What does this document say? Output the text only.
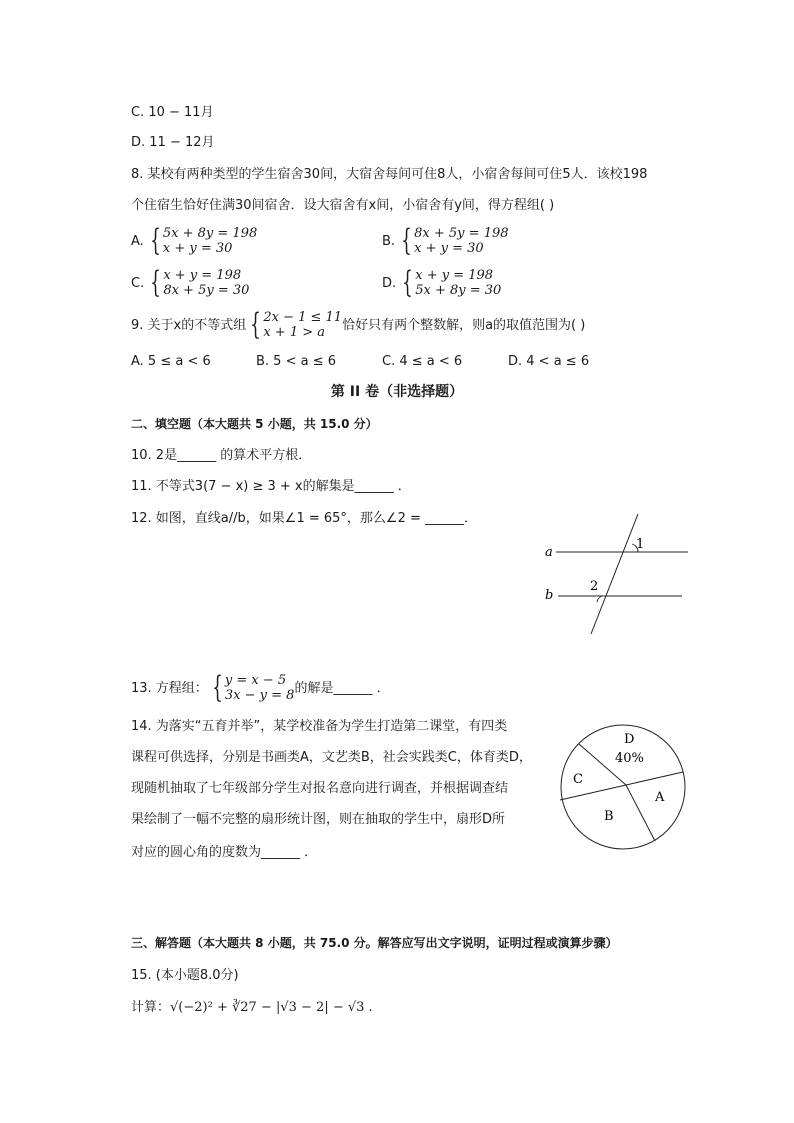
C. 10 − 11月
D. 11 − 12月
8. 某校有两种类型的学生宿舍30间，大宿舍每间可住8人，小宿舍每间可住5人．该校198
个住宿生恰好住满30间宿舍．设大宿舍有x间，小宿舍有y间，得方程组( )
A. { 5x + 8y = 198
x + y = 30	B. { 8x + 5y = 198
x + y = 30
C. { x + y = 198
8x + 5y = 30	D. { x + y = 198
5x + 8y = 30
9. 关于x的不等式组 { 2x − 1 ≤ 11
x + 1 > a	恰好只有两个整数解，则a的取值范围为( )
A. 5 ≤ a < 6	B. 5 < a ≤ 6	C. 4 ≤ a < 6	D. 4 < a ≤ 6
第 II 卷（非选择题）
二、填空题（本大题共 5 小题，共 15.0 分）
10. 2是______ 的算术平方根．
11. 不等式3(7 − x) ≥ 3 + x的解集是______ ．
12. 如图，直线a//b，如果∠1 = 65°，那么∠2 = ______．
a
b
1
2
13. 方程组： { y = x − 5
3x − y = 8 的解是______ ．
14. 为落实“五育并举”，某学校准备为学生打造第二课堂，有四类
课程可供选择，分别是书画类A，文艺类B，社会实践类C，体育类D，
现随机抽取了七年级部分学生对报名意向进行调查，并根据调查结
果绘制了一幅不完整的扇形统计图，则在抽取的学生中，扇形D所
对应的圆心角的度数为______ ．
D
40%
A
B
C
三、解答题（本大题共 8 小题，共 75.0 分。解答应写出文字说明，证明过程或演算步骤）
15. (本小题8.0分)
计算：√(−2)² + ∛27 − |√3 − 2| − √3 .
